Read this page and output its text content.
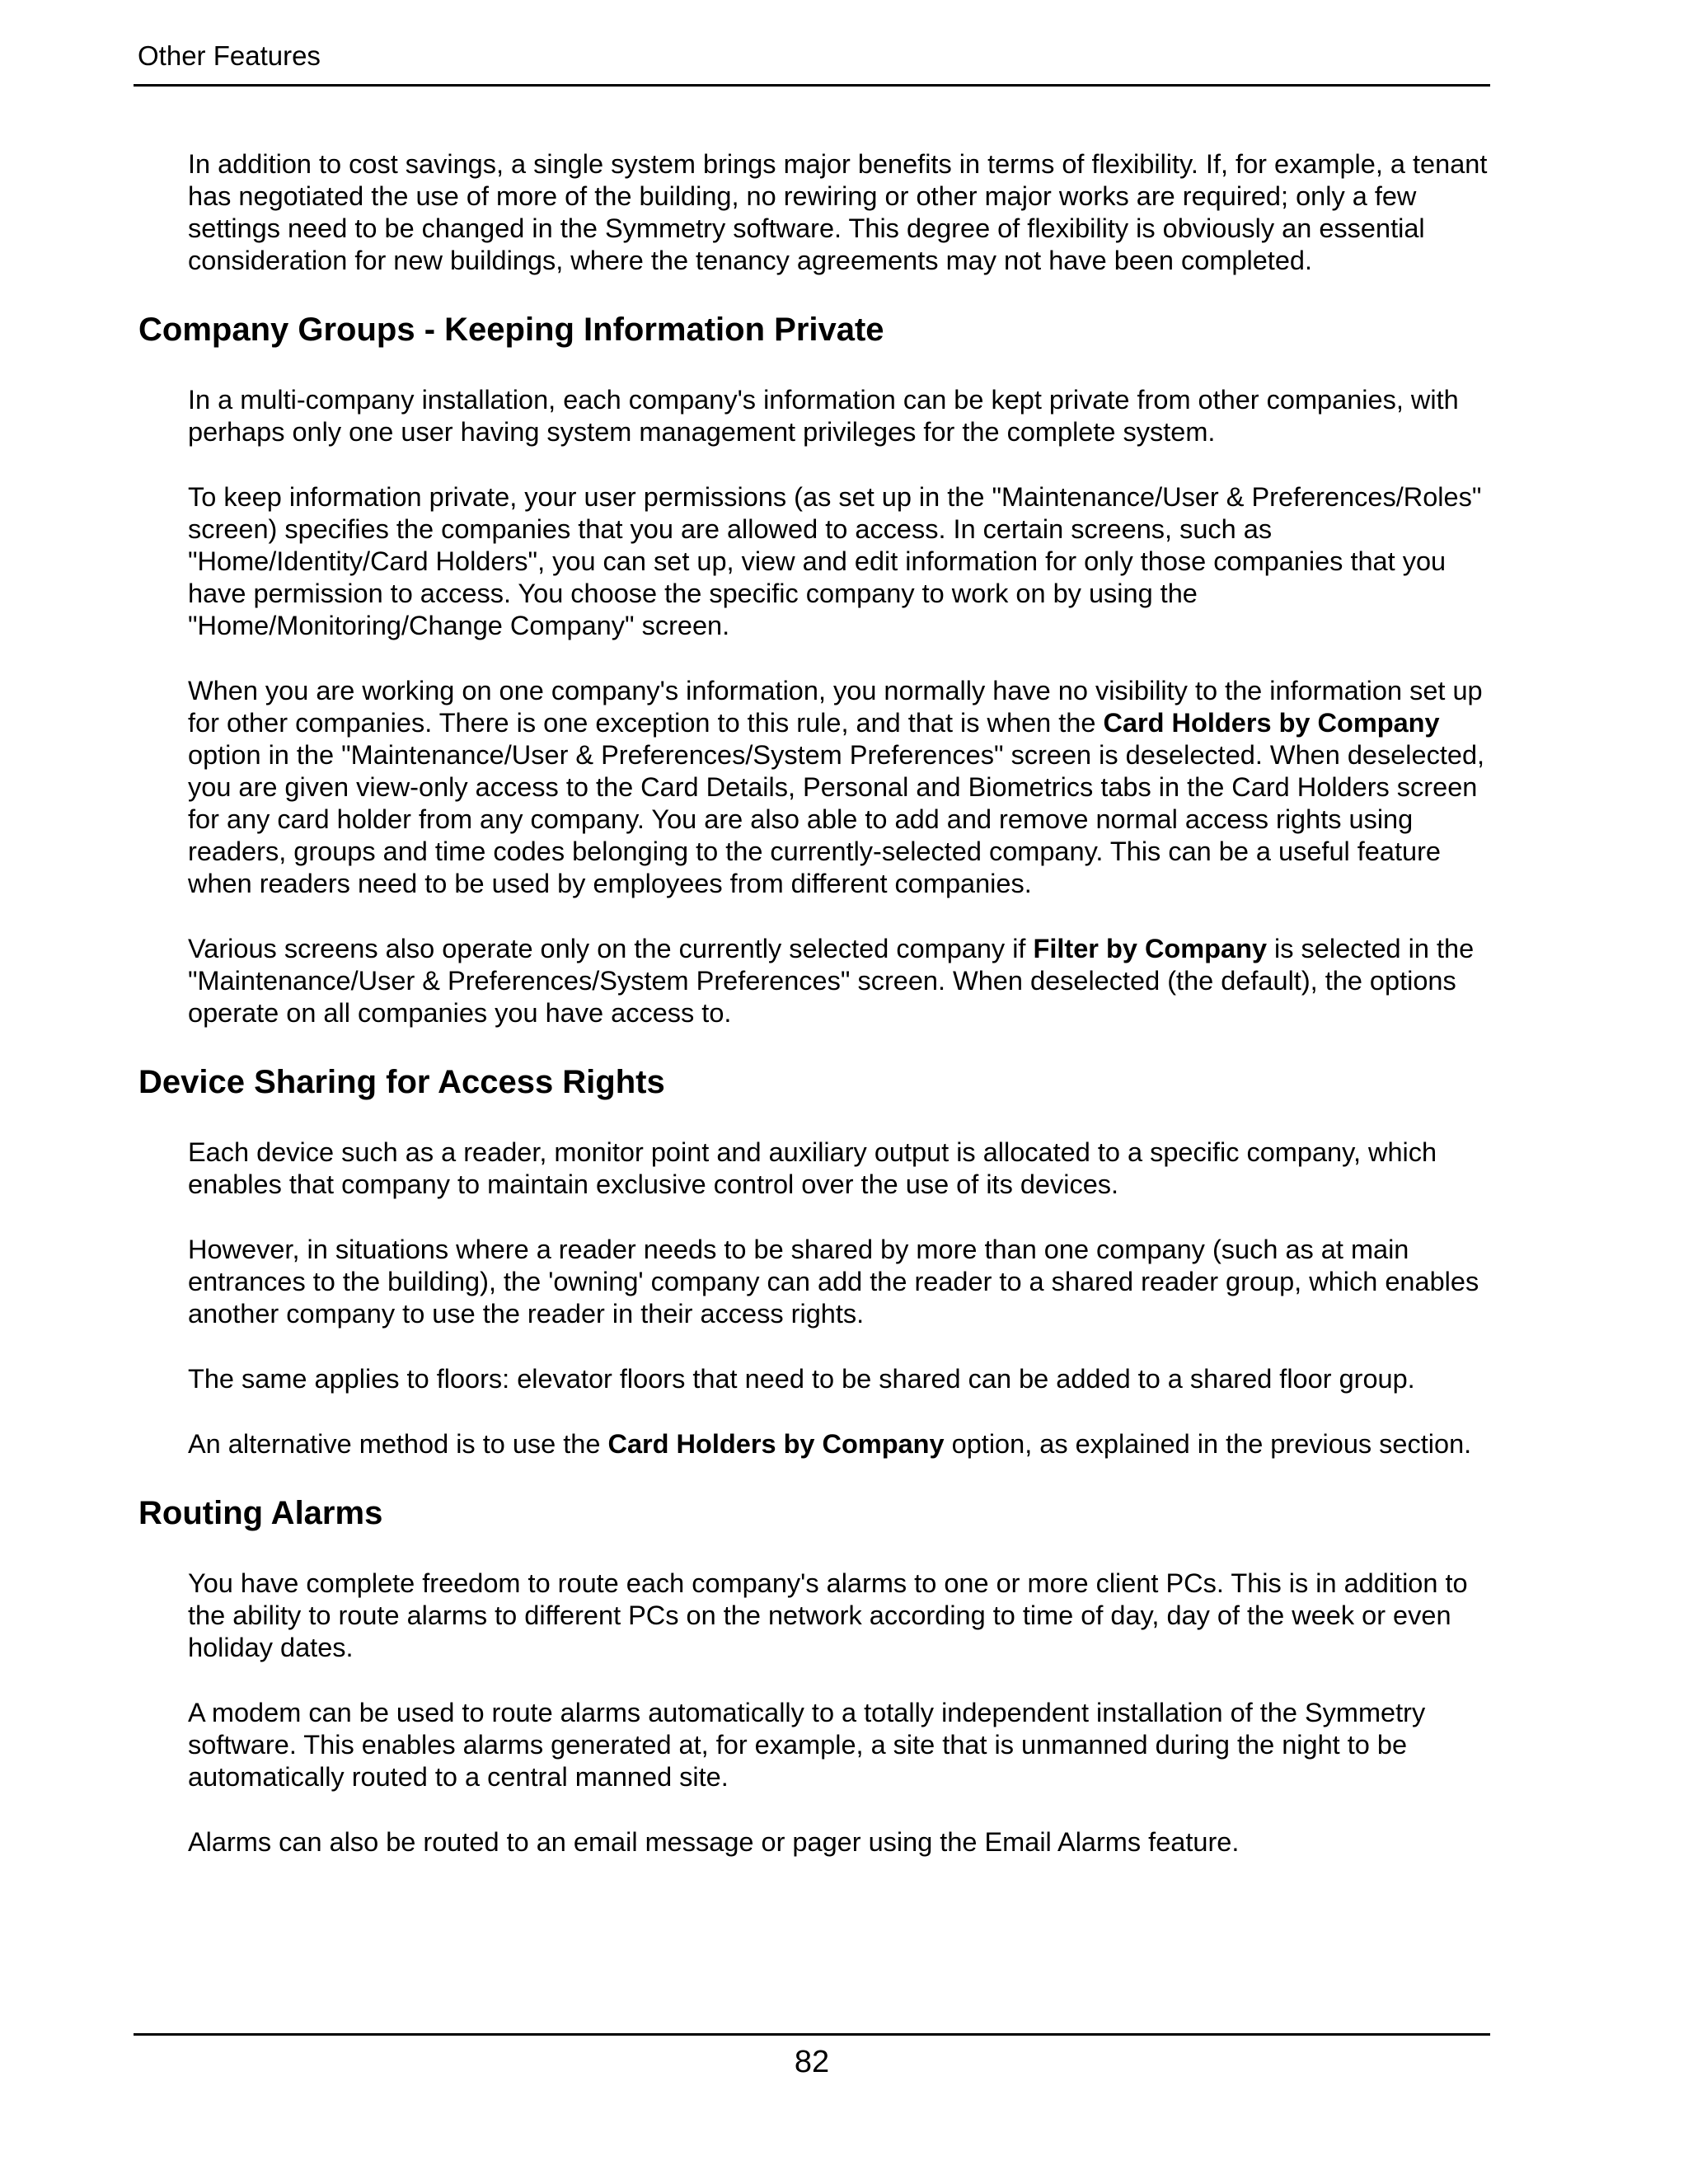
Other Features

In addition to cost savings, a single system brings major benefits in terms of flexibility. If, for example, a tenant has negotiated the use of more of the building, no rewiring or other major works are required; only a few settings need to be changed in the Symmetry software. This degree of flexibility is obviously an essential consideration for new buildings, where the tenancy agreements may not have been completed.

Company Groups - Keeping Information Private

In a multi-company installation, each company's information can be kept private from other companies, with perhaps only one user having system management privileges for the complete system.

To keep information private, your user permissions (as set up in the "Maintenance/User & Preferences/Roles" screen) specifies the companies that you are allowed to access. In certain screens, such as "Home/Identity/Card Holders", you can set up, view and edit information for only those companies that you have permission to access. You choose the specific company to work on by using the "Home/Monitoring/Change Company" screen.

When you are working on one company's information, you normally have no visibility to the information set up for other companies. There is one exception to this rule, and that is when the Card Holders by Company option in the "Maintenance/User & Preferences/System Preferences" screen is deselected. When deselected, you are given view-only access to the Card Details, Personal and Biometrics tabs in the Card Holders screen for any card holder from any company. You are also able to add and remove normal access rights using readers, groups and time codes belonging to the currently-selected company. This can be a useful feature when readers need to be used by employees from different companies.

Various screens also operate only on the currently selected company if Filter by Company is selected in the "Maintenance/User & Preferences/System Preferences" screen. When deselected (the default), the options operate on all companies you have access to.

Device Sharing for Access Rights

Each device such as a reader, monitor point and auxiliary output is allocated to a specific company, which enables that company to maintain exclusive control over the use of its devices.

However, in situations where a reader needs to be shared by more than one company (such as at main entrances to the building), the 'owning' company can add the reader to a shared reader group, which enables another company to use the reader in their access rights.

The same applies to floors: elevator floors that need to be shared can be added to a shared floor group.

An alternative method is to use the Card Holders by Company option, as explained in the previous section.

Routing Alarms

You have complete freedom to route each company's alarms to one or more client PCs. This is in addition to the ability to route alarms to different PCs on the network according to time of day, day of the week or even holiday dates.

A modem can be used to route alarms automatically to a totally independent installation of the Symmetry software. This enables alarms generated at, for example, a site that is unmanned during the night to be automatically routed to a central manned site.

Alarms can also be routed to an email message or pager using the Email Alarms feature.

82
